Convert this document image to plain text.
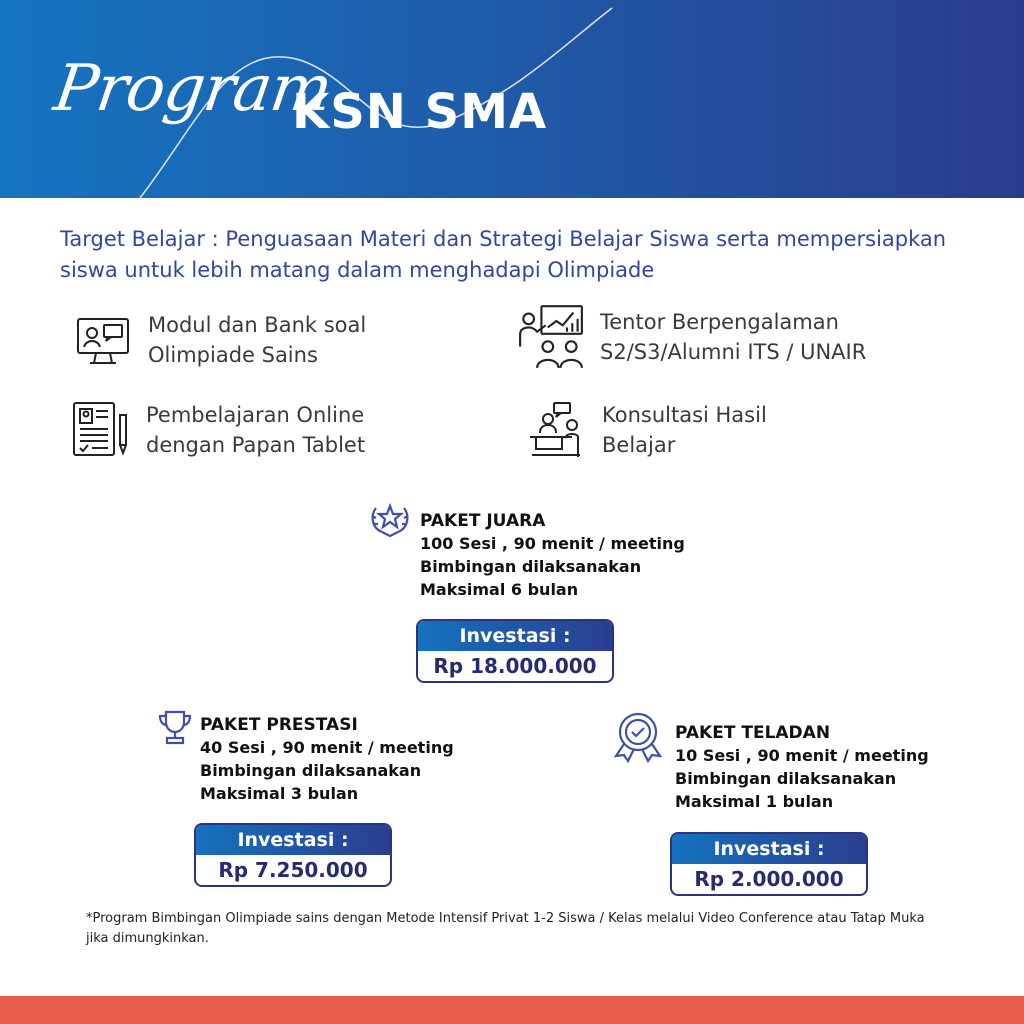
Program
KSN SMA
Target Belajar : Penguasaan Materi dan Strategi Belajar Siswa serta mempersiapkan siswa untuk lebih matang dalam menghadapi Olimpiade
Modul dan Bank soal
Olimpiade Sains
Tentor Berpengalaman
S2/S3/Alumni ITS / UNAIR
Pembelajaran Online
dengan Papan Tablet
Konsultasi Hasil
Belajar
PAKET JUARA
100 Sesi , 90 menit / meeting
Bimbingan dilaksanakan
Maksimal 6 bulan
Investasi :
Rp 18.000.000
PAKET PRESTASI
40 Sesi , 90 menit / meeting
Bimbingan dilaksanakan
Maksimal 3 bulan
Investasi :
Rp 7.250.000
PAKET TELADAN
10 Sesi , 90 menit / meeting
Bimbingan dilaksanakan
Maksimal 1 bulan
Investasi :
Rp 2.000.000
*Program Bimbingan Olimpiade sains dengan Metode Intensif Privat 1-2 Siswa / Kelas melalui Video Conference atau Tatap Muka jika dimungkinkan.
